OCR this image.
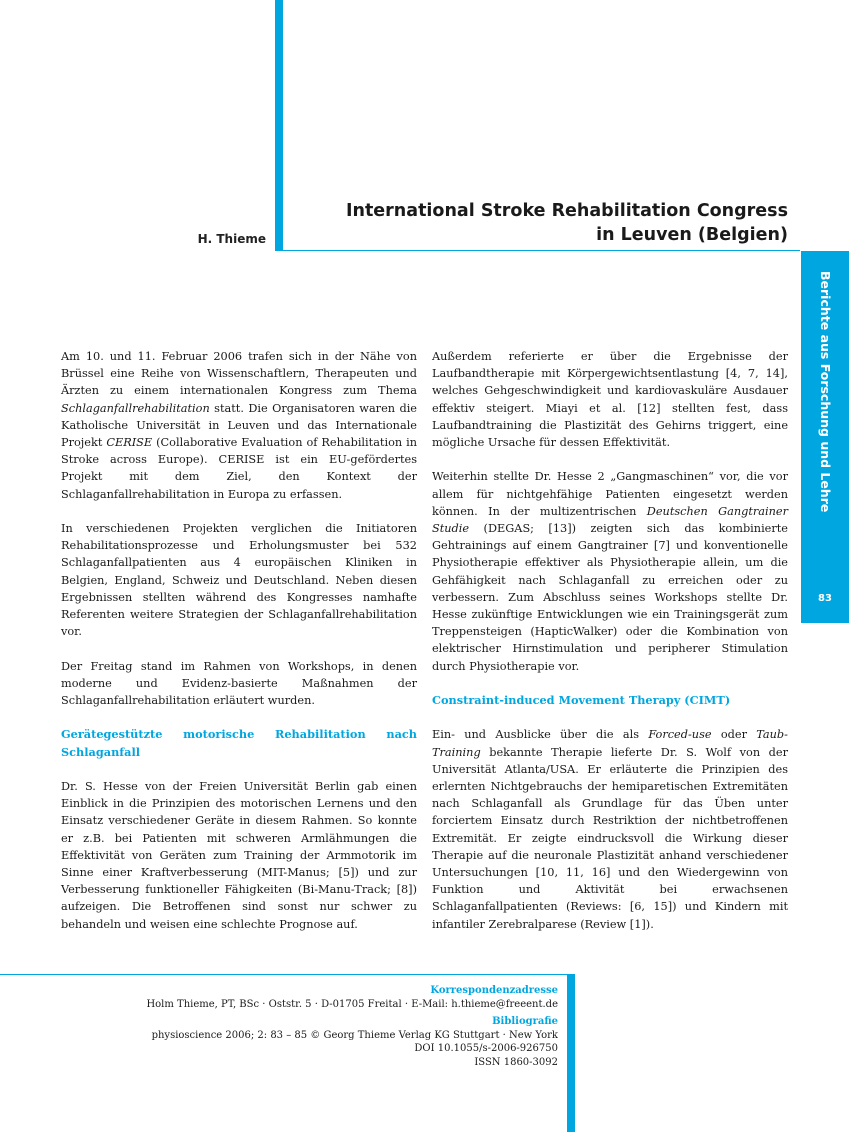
H. Thieme
International Stroke Rehabilitation Congress
in Leuven (Belgien)
Berichte aus Forschung und Lehre
83

Am 10. und 11. Februar 2006 trafen sich in der Nähe von Brüssel eine Reihe von Wissenschaftlern, Therapeuten und Ärzten zu einem internationalen Kongress zum Thema Schlaganfallrehabilitation statt. Die Organisatoren waren die Katholische Universität in Leuven und das Internationale Projekt CERISE (Collaborative Evaluation of Rehabilitation in Stroke across Europe). CERISE ist ein EU-gefördertes Projekt mit dem Ziel, den Kontext der Schlaganfallrehabilitation in Europa zu erfassen.

In verschiedenen Projekten verglichen die Initiatoren Rehabilitationsprozesse und Erholungsmuster bei 532 Schlaganfallpatienten aus 4 europäischen Kliniken in Belgien, England, Schweiz und Deutschland. Neben diesen Ergebnissen stellten während des Kongresses namhafte Referenten weitere Strategien der Schlaganfallrehabilitation vor.

Der Freitag stand im Rahmen von Workshops, in denen moderne und Evidenz-basierte Maßnahmen der Schlaganfallrehabilitation erläutert wurden.

Gerätegestützte motorische Rehabilitation nach Schlaganfall

Dr. S. Hesse von der Freien Universität Berlin gab einen Einblick in die Prinzipien des motorischen Lernens und den Einsatz verschiedener Geräte in diesem Rahmen. So konnte er z.B. bei Patienten mit schweren Armlähmungen die Effektivität von Geräten zum Training der Armmotorik im Sinne einer Kraftverbesserung (MIT-Manus; [5]) und zur Verbesserung funktioneller Fähigkeiten (Bi-Manu-Track; [8]) aufzeigen. Die Betroffenen sind sonst nur schwer zu behandeln und weisen eine schlechte Prognose auf.

Außerdem referierte er über die Ergebnisse der Laufbandtherapie mit Körpergewichtsentlastung [4, 7, 14], welches Gehgeschwindigkeit und kardiovaskuläre Ausdauer effektiv steigert. Miayi et al. [12] stellten fest, dass Laufbandtraining die Plastizität des Gehirns triggert, eine mögliche Ursache für dessen Effektivität.

Weiterhin stellte Dr. Hesse 2 „Gangmaschinen“ vor, die vor allem für nichtgehfähige Patienten eingesetzt werden können. In der multizentrischen Deutschen Gangtrainer Studie (DEGAS; [13]) zeigten sich das kombinierte Gehtrainings auf einem Gangtrainer [7] und konventionelle Physiotherapie effektiver als Physiotherapie allein, um die Gehfähigkeit nach Schlaganfall zu erreichen oder zu verbessern. Zum Abschluss seines Workshops stellte Dr. Hesse zukünftige Entwicklungen wie ein Trainingsgerät zum Treppensteigen (HapticWalker) oder die Kombination von elektrischer Hirnstimulation und peripherer Stimulation durch Physiotherapie vor.

Constraint-induced Movement Therapy (CIMT)

Ein- und Ausblicke über die als Forced-use oder Taub-Training bekannte Therapie lieferte Dr. S. Wolf von der Universität Atlanta/USA. Er erläuterte die Prinzipien des erlernten Nichtgebrauchs der hemiparetischen Extremitäten nach Schlaganfall als Grundlage für das Üben unter forciertem Einsatz durch Restriktion der nichtbetroffenen Extremität. Er zeigte eindrucksvoll die Wirkung dieser Therapie auf die neuronale Plastizität anhand verschiedener Untersuchungen [10, 11, 16] und den Wiedergewinn von Funktion und Aktivität bei erwachsenen Schlaganfallpatienten (Reviews: [6, 15]) und Kindern mit infantiler Zerebralparese (Review [1]).

Korrespondenzadresse
Holm Thieme, PT, BSc · Oststr. 5 · D-01705 Freital · E-Mail: h.thieme@freeent.de
Bibliografie
physioscience 2006; 2: 83 – 85 © Georg Thieme Verlag KG Stuttgart · New York
DOI 10.1055/s-2006-926750
ISSN 1860-3092
